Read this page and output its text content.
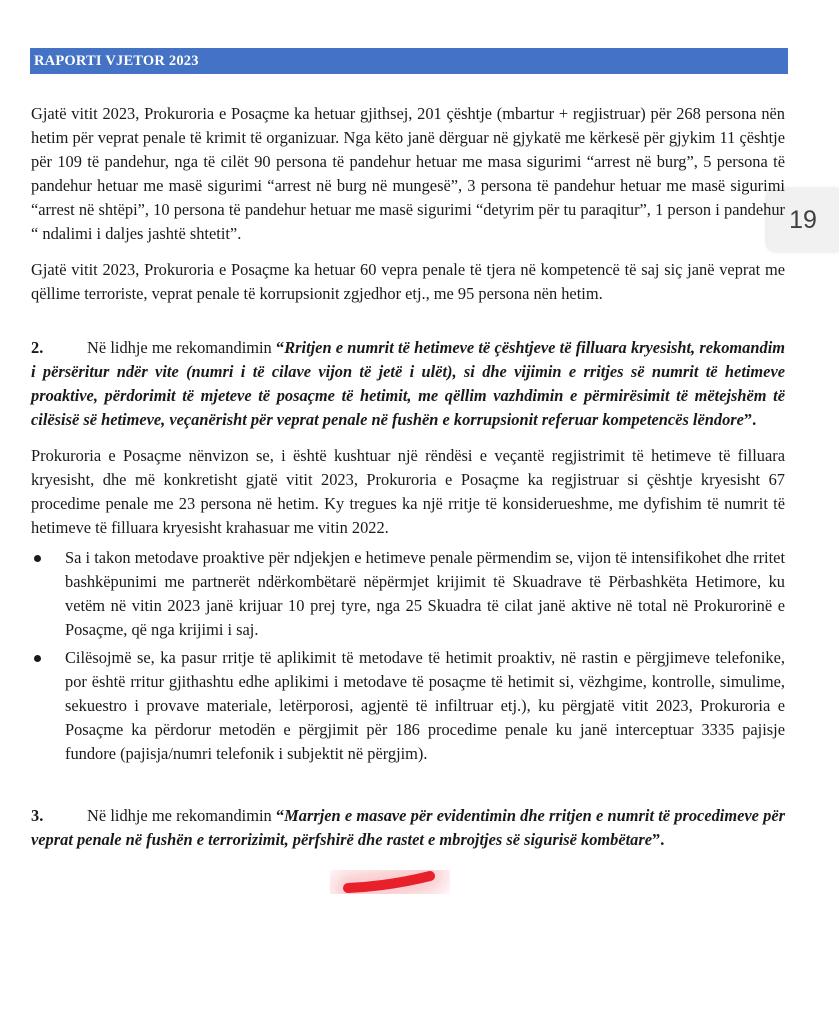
RAPORTI VJETOR 2023
19

Gjatë vitit 2023, Prokuroria e Posaçme ka hetuar gjithsej, 201 çështje (mbartur + regjistruar) për 268 persona nën hetim për veprat penale të krimit të organizuar. Nga këto janë dërguar në gjykatë me kërkesë për gjykim 11 çështje për 109 të pandehur, nga të cilët 90 persona të pandehur hetuar me masa sigurimi “arrest në burg”, 5 persona të pandehur hetuar me masë sigurimi “arrest në burg në mungesë”, 3 persona të pandehur hetuar me masë sigurimi “arrest në shtëpi”, 10 persona të pandehur hetuar me masë sigurimi “detyrim për tu paraqitur”, 1 person i pandehur “ ndalimi i daljes jashtë shtetit”.

Gjatë vitit 2023, Prokuroria e Posaçme ka hetuar 60 vepra penale të tjera në kompetencë të saj siç janë veprat me qëllime terroriste, veprat penale të korrupsionit zgjedhor etj., me 95 persona nën hetim.

2.	Në lidhje me rekomandimin “Rritjen e numrit të hetimeve të çështjeve të filluara kryesisht, rekomandim i përsëritur ndër vite (numri i të cilave vijon të jetë i ulët), si dhe vijimin e rritjes së numrit të hetimeve proaktive, përdorimit të mjeteve të posaçme të hetimit, me qëllim vazhdimin e përmirësimit të mëtejshëm të cilësisë së hetimeve, veçanërisht për veprat penale në fushën e korrupsionit referuar kompetencës lëndore”.

Prokuroria e Posaçme nënvizon se, i është kushtuar një rëndësi e veçantë regjistrimit të hetimeve të filluara kryesisht, dhe më konkretisht gjatë vitit 2023, Prokuroria e Posaçme ka regjistruar si çështje kryesisht 67 procedime penale me 23 persona në hetim. Ky tregues ka një rritje të konsiderueshme, me dyfishim të numrit të hetimeve të filluara kryesisht krahasuar me vitin 2022.

Sa i takon metodave proaktive për ndjekjen e hetimeve penale përmendim se, vijon të intensifikohet dhe rritet bashkëpunimi me partnerët ndërkombëtarë nëpërmjet krijimit të Skuadrave të Përbashkëta Hetimore, ku vetëm në vitin 2023 janë krijuar 10 prej tyre, nga 25 Skuadra të cilat janë aktive në total në Prokurorinë e Posaçme, që nga krijimi i saj.
Cilësojmë se, ka pasur rritje të aplikimit të metodave të hetimit proaktiv, në rastin e përgjimeve telefonike, por është rritur gjithashtu edhe aplikimi i metodave të posaçme të hetimit si, vëzhgime, kontrolle, simulime, sekuestro i provave materiale, letërporosi, agjentë të infiltruar etj.), ku përgjatë vitit 2023, Prokuroria e Posaçme ka përdorur metodën e përgjimit për 186 procedime penale ku janë interceptuar 3335 pajisje fundore (pajisja/numri telefonik i subjektit në përgjim).

3.	Në lidhje me rekomandimin “Marrjen e masave për evidentimin dhe rritjen e numrit të procedimeve për veprat penale në fushën e terrorizimit, përfshirë dhe rastet e mbrojtjes së sigurisë kombëtare”.
